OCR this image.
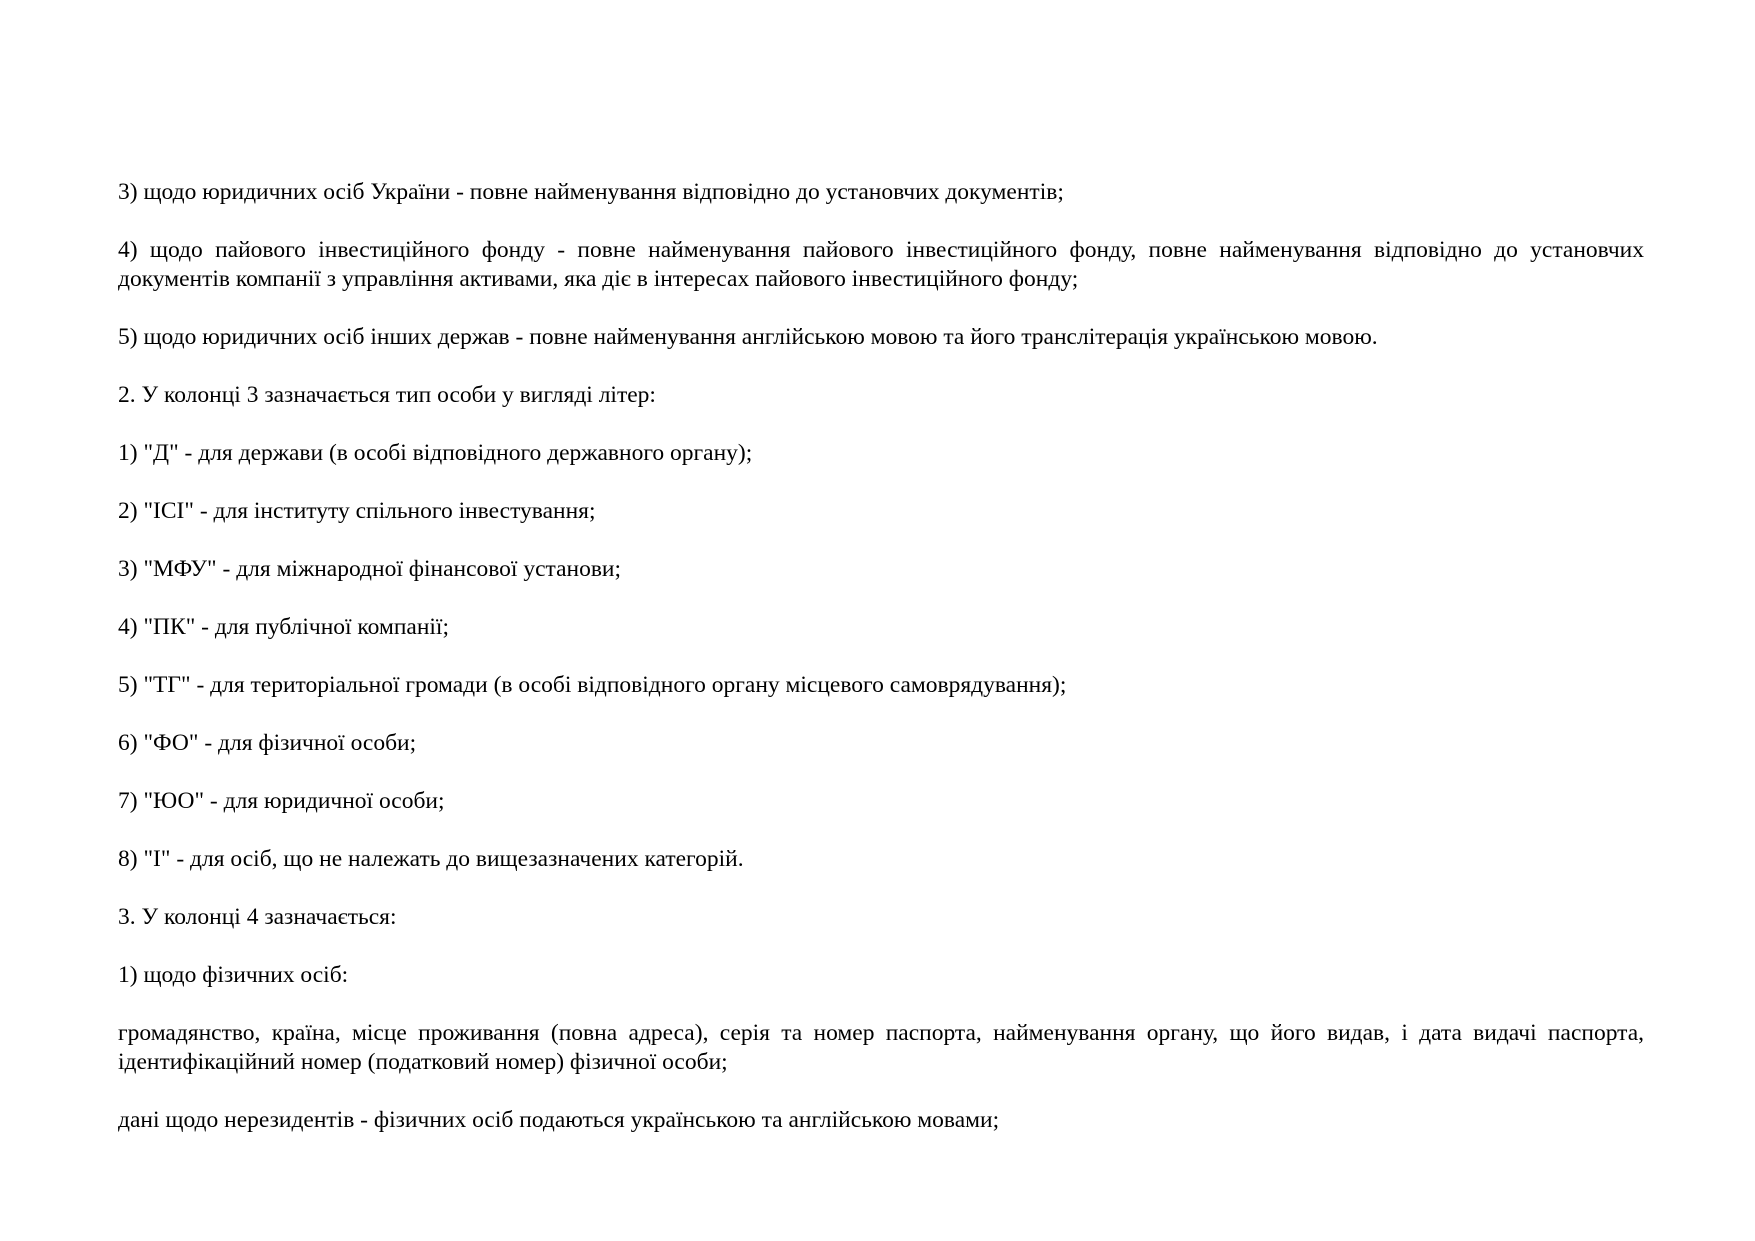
3) щодо юридичних осіб України - повне найменування відповідно до установчих документів;

4) щодо пайового інвестиційного фонду - повне найменування пайового інвестиційного фонду, повне найменування відповідно до установчих документів компанії з управління активами, яка діє в інтересах пайового інвестиційного фонду;

5) щодо юридичних осіб інших держав - повне найменування англійською мовою та його транслітерація українською мовою.

2. У колонці 3 зазначається тип особи у вигляді літер:

1) "Д" - для держави (в особі відповідного державного органу);

2) "ІСІ" - для інституту спільного інвестування;

3) "МФУ" - для міжнародної фінансової установи;

4) "ПК" - для публічної компанії;

5) "ТГ" - для територіальної громади (в особі відповідного органу місцевого самоврядування);

6) "ФО" - для фізичної особи;

7) "ЮО" - для юридичної особи;

8) "І" - для осіб, що не належать до вищезазначених категорій.

3. У колонці 4 зазначається:

1) щодо фізичних осіб:

громадянство, країна, місце проживання (повна адреса), серія та номер паспорта, найменування органу, що його видав, і дата видачі паспорта, ідентифікаційний номер (податковий номер) фізичної особи;

дані щодо нерезидентів - фізичних осіб подаються українською та англійською мовами;
